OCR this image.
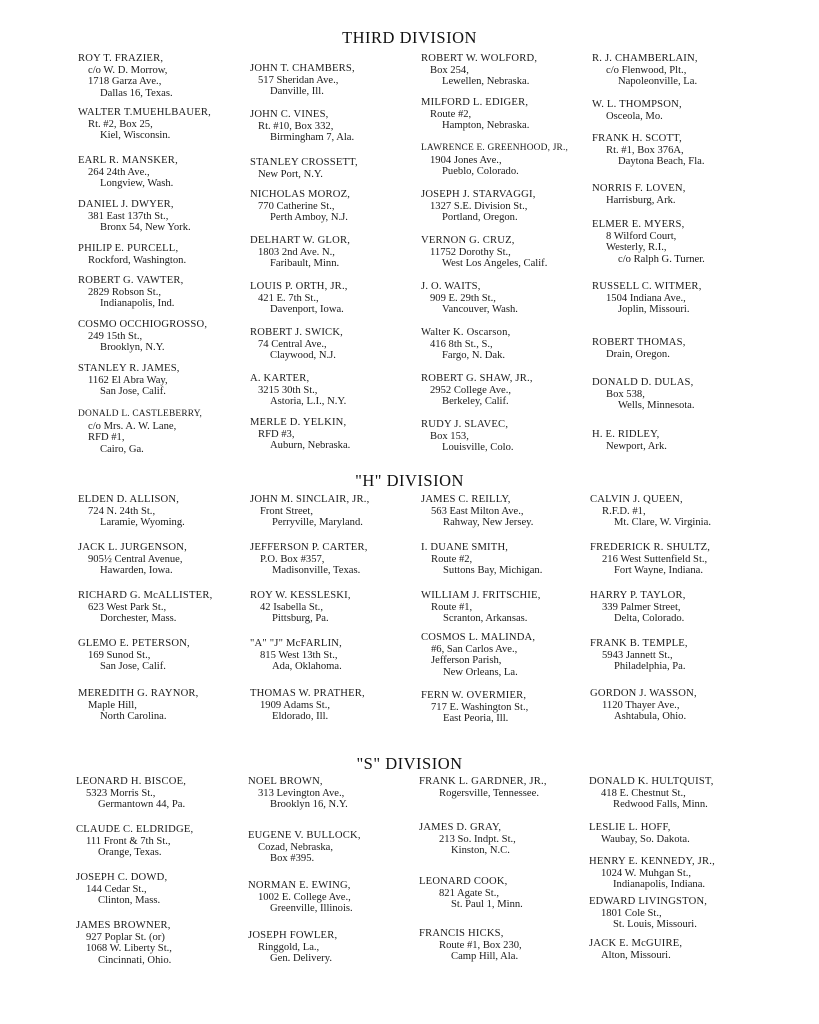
THIRD DIVISION
ROY T. FRAZIER,
c/o W. D. Morrow,
1718 Garza Ave.,
Dallas 16, Texas.
WALTER T.MUEHLBAUER,
Rt. #2, Box 25,
Kiel, Wisconsin.
EARL R. MANSKER,
264 24th Ave.,
Longview, Wash.
DANIEL J. DWYER,
381 East 137th St.,
Bronx 54, New York.
PHILIP E. PURCELL,
Rockford, Washington.
ROBERT G. VAWTER,
2829 Robson St.,
Indianapolis, Ind.
COSMO OCCHIOGROSSO,
249 15th St.,
Brooklyn, N.Y.
STANLEY R. JAMES,
1162 El Abra Way,
San Jose, Calif.
DONALD L. CASTLEBERRY,
c/o Mrs. A. W. Lane,
RFD #1,
Cairo, Ga.
JOHN T. CHAMBERS,
517 Sheridan Ave.,
Danville, Ill.
JOHN C. VINES,
Rt. #10, Box 332,
Birmingham 7, Ala.
STANLEY CROSSETT,
New Port, N.Y.
NICHOLAS MOROZ,
770 Catherine St.,
Perth Amboy, N.J.
DELHART W. GLOR,
1803 2nd Ave. N.,
Faribault, Minn.
LOUIS P. ORTH, JR.,
421 E. 7th St.,
Davenport, Iowa.
ROBERT J. SWICK,
74 Central Ave.,
Claywood, N.J.
A. KARTER,
3215 30th St.,
Astoria, L.I., N.Y.
MERLE D. YELKIN,
RFD #3,
Auburn, Nebraska.
ROBERT W. WOLFORD,
Box 254,
Lewellen, Nebraska.
MILFORD L. EDIGER,
Route #2,
Hampton, Nebraska.
LAWRENCE E. GREENHOOD, JR.,
1904 Jones Ave.,
Pueblo, Colorado.
JOSEPH J. STARVAGGI,
1327 S.E. Division St.,
Portland, Oregon.
VERNON G. CRUZ,
11752 Dorothy St.,
West Los Angeles, Calif.
J. O. WAITS,
909 E. 29th St.,
Vancouver, Wash.
Walter K. Oscarson,
416 8th St., S.,
Fargo, N. Dak.
ROBERT G. SHAW, JR.,
2952 College Ave.,
Berkeley, Calif.
RUDY J. SLAVEC,
Box 153,
Louisville, Colo.
R. J. CHAMBERLAIN,
c/o Flenwood, Plt.,
Napoleonville, La.
W. L. THOMPSON,
Osceola, Mo.
FRANK H. SCOTT,
Rt. #1, Box 376A,
Daytona Beach, Fla.
NORRIS F. LOVEN,
Harrisburg, Ark.
ELMER E. MYERS,
8 Wilford Court,
Westerly, R.I.,
c/o Ralph G. Turner.
RUSSELL C. WITMER,
1504 Indiana Ave.,
Joplin, Missouri.
ROBERT THOMAS,
Drain, Oregon.
DONALD D. DULAS,
Box 538,
Wells, Minnesota.
H. E. RIDLEY,
Newport, Ark.
"H" DIVISION
ELDEN D. ALLISON,
724 N. 24th St.,
Laramie, Wyoming.
JACK L. JURGENSON,
905½ Central Avenue,
Hawarden, Iowa.
RICHARD G. McALLISTER,
623 West Park St.,
Dorchester, Mass.
GLEMO E. PETERSON,
169 Sunod St.,
San Jose, Calif.
MEREDITH G. RAYNOR,
Maple Hill,
North Carolina.
JOHN M. SINCLAIR, JR.,
Front Street,
Perryville, Maryland.
JEFFERSON P. CARTER,
P.O. Box #357,
Madisonville, Texas.
ROY W. KESSLESKI,
42 Isabella St.,
Pittsburg, Pa.
"A" "J" McFARLIN,
815 West 13th St.,
Ada, Oklahoma.
THOMAS W. PRATHER,
1909 Adams St.,
Eldorado, Ill.
JAMES C. REILLY,
563 East Milton Ave.,
Rahway, New Jersey.
I. DUANE SMITH,
Route #2,
Suttons Bay, Michigan.
WILLIAM J. FRITSCHIE,
Route #1,
Scranton, Arkansas.
COSMOS L. MALINDA,
#6, San Carlos Ave.,
Jefferson Parish,
New Orleans, La.
FERN W. OVERMIER,
717 E. Washington St.,
East Peoria, Ill.
CALVIN J. QUEEN,
R.F.D. #1,
Mt. Clare, W. Virginia.
FREDERICK R. SHULTZ,
216 West Suttenfield St.,
Fort Wayne, Indiana.
HARRY P. TAYLOR,
339 Palmer Street,
Delta, Colorado.
FRANK B. TEMPLE,
5943 Jannett St.,
Philadelphia, Pa.
GORDON J. WASSON,
1120 Thayer Ave.,
Ashtabula, Ohio.
"S" DIVISION
LEONARD H. BISCOE,
5323 Morris St.,
Germantown 44, Pa.
CLAUDE C. ELDRIDGE,
111 Front & 7th St.,
Orange, Texas.
JOSEPH C. DOWD,
144 Cedar St.,
Clinton, Mass.
JAMES BROWNER,
927 Poplar St. (or)
1068 W. Liberty St.,
Cincinnati, Ohio.
NOEL BROWN,
313 Levington Ave.,
Brooklyn 16, N.Y.
EUGENE V. BULLOCK,
Cozad, Nebraska,
Box #395.
NORMAN E. EWING,
1002 E. College Ave.,
Greenville, Illinois.
JOSEPH FOWLER,
Ringgold, La.,
Gen. Delivery.
FRANK L. GARDNER, JR.,
Rogersville, Tennessee.
JAMES D. GRAY,
213 So. Indpt. St.,
Kinston, N.C.
LEONARD COOK,
821 Agate St.,
St. Paul 1, Minn.
FRANCIS HICKS,
Route #1, Box 230,
Camp Hill, Ala.
DONALD K. HULTQUIST,
418 E. Chestnut St.,
Redwood Falls, Minn.
LESLIE L. HOFF,
Waubay, So. Dakota.
HENRY E. KENNEDY, JR.,
1024 W. Muhgan St.,
Indianapolis, Indiana.
EDWARD LIVINGSTON,
1801 Cole St.,
St. Louis, Missouri.
JACK E. McGUIRE,
Alton, Missouri.
